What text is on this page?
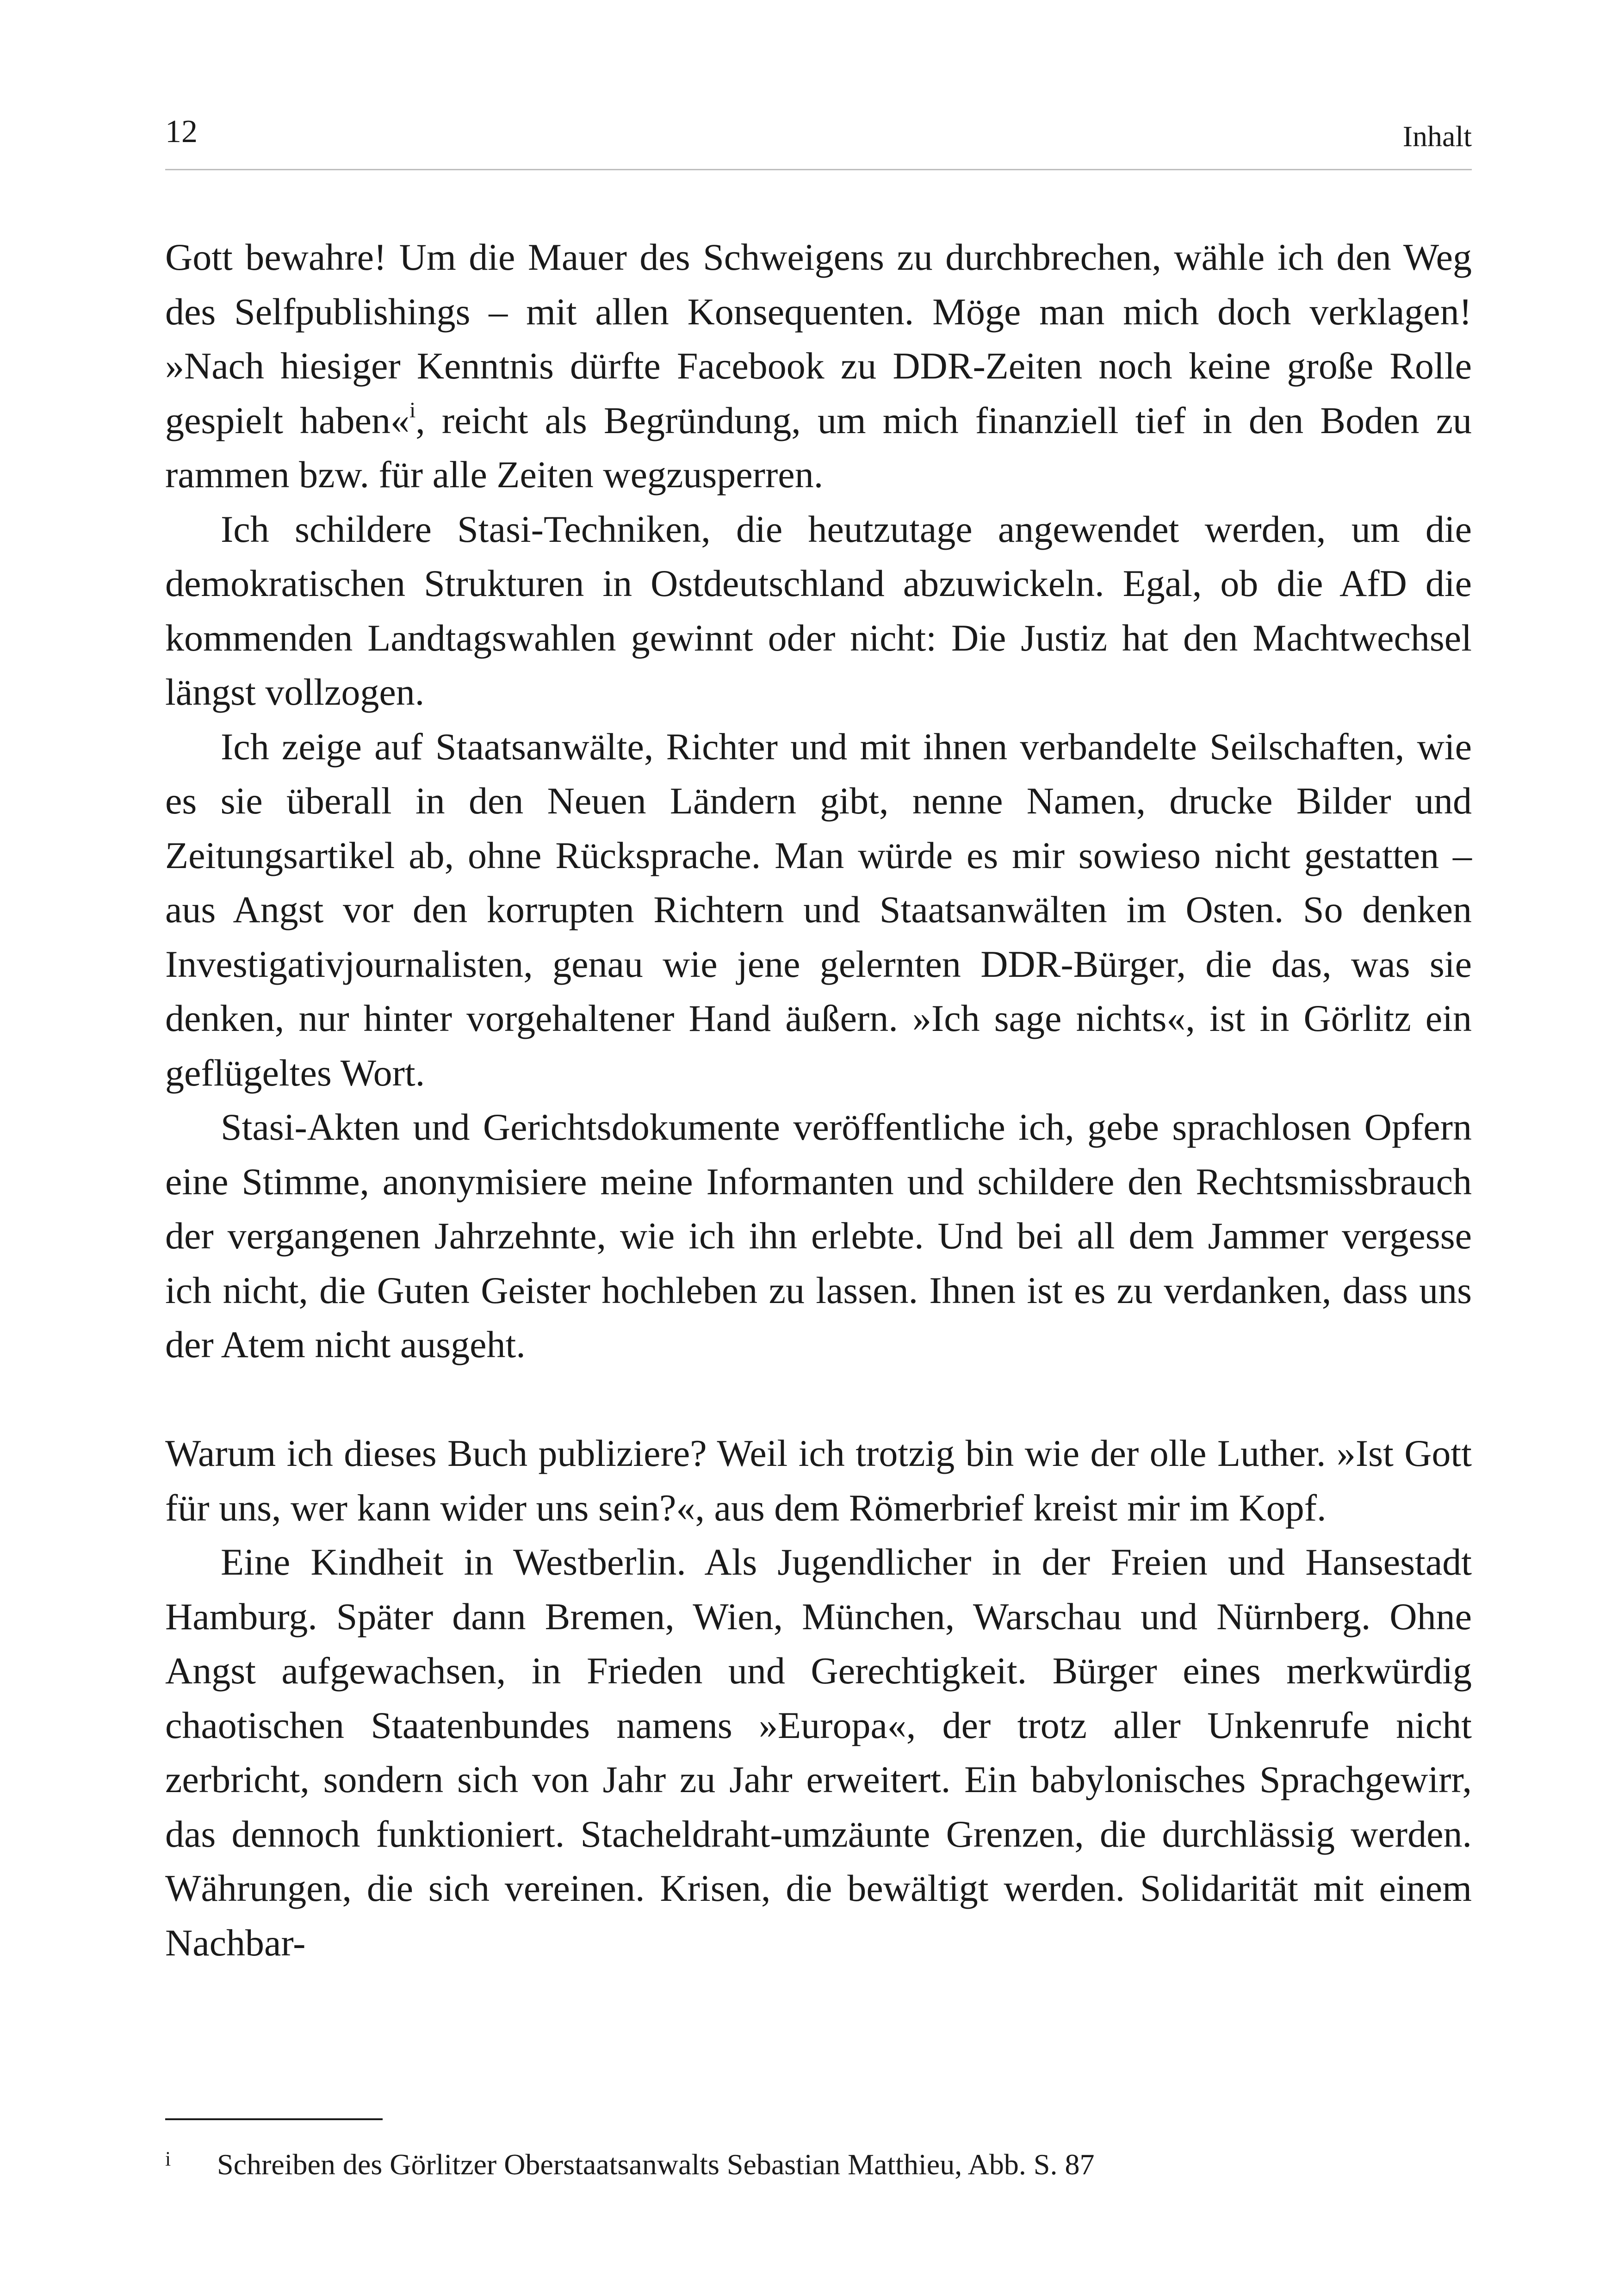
12	Inhalt

Gott bewahre! Um die Mauer des Schweigens zu durchbrechen, wähle ich den Weg des Selfpublishings – mit allen Konsequenten. Möge man mich doch verklagen! »Nach hiesiger Kenntnis dürfte Facebook zu DDR-Zeiten noch keine große Rolle gespielt haben«$^i$, reicht als Begründung, um mich finanziell tief in den Boden zu rammen bzw. für alle Zeiten wegzusperren.

Ich schildere Stasi-Techniken, die heutzutage angewendet werden, um die demokratischen Strukturen in Ostdeutschland abzuwickeln. Egal, ob die AfD die kommenden Landtagswahlen gewinnt oder nicht: Die Justiz hat den Machtwechsel längst vollzogen.

Ich zeige auf Staatsanwälte, Richter und mit ihnen verbandelte Seilschaften, wie es sie überall in den Neuen Ländern gibt, nenne Namen, drucke Bilder und Zeitungsartikel ab, ohne Rücksprache. Man würde es mir sowieso nicht gestatten – aus Angst vor den korrupten Richtern und Staatsanwälten im Osten. So denken Investigativjournalisten, genau wie jene gelernten DDR-Bürger, die das, was sie denken, nur hinter vorgehaltener Hand äußern. »Ich sage nichts«, ist in Görlitz ein geflügeltes Wort.

Stasi-Akten und Gerichtsdokumente veröffentliche ich, gebe sprachlosen Opfern eine Stimme, anonymisiere meine Informanten und schildere den Rechtsmissbrauch der vergangenen Jahrzehnte, wie ich ihn erlebte. Und bei all dem Jammer vergesse ich nicht, die Guten Geister hochleben zu lassen. Ihnen ist es zu verdanken, dass uns der Atem nicht ausgeht.

Warum ich dieses Buch publiziere? Weil ich trotzig bin wie der olle Luther. »Ist Gott für uns, wer kann wider uns sein?«, aus dem Römerbrief kreist mir im Kopf.

Eine Kindheit in Westberlin. Als Jugendlicher in der Freien und Hansestadt Hamburg. Später dann Bremen, Wien, München, Warschau und Nürnberg. Ohne Angst aufgewachsen, in Frieden und Gerechtigkeit. Bürger eines merkwürdig chaotischen Staatenbundes namens »Europa«, der trotz aller Unkenrufe nicht zerbricht, sondern sich von Jahr zu Jahr erweitert. Ein babylonisches Sprachgewirr, das dennoch funktioniert. Stacheldraht-umzäunte Grenzen, die durchlässig werden. Währungen, die sich vereinen. Krisen, die bewältigt werden. Solidarität mit einem Nachbar-

i Schreiben des Görlitzer Oberstaatsanwalts Sebastian Matthieu, Abb. S. 87
